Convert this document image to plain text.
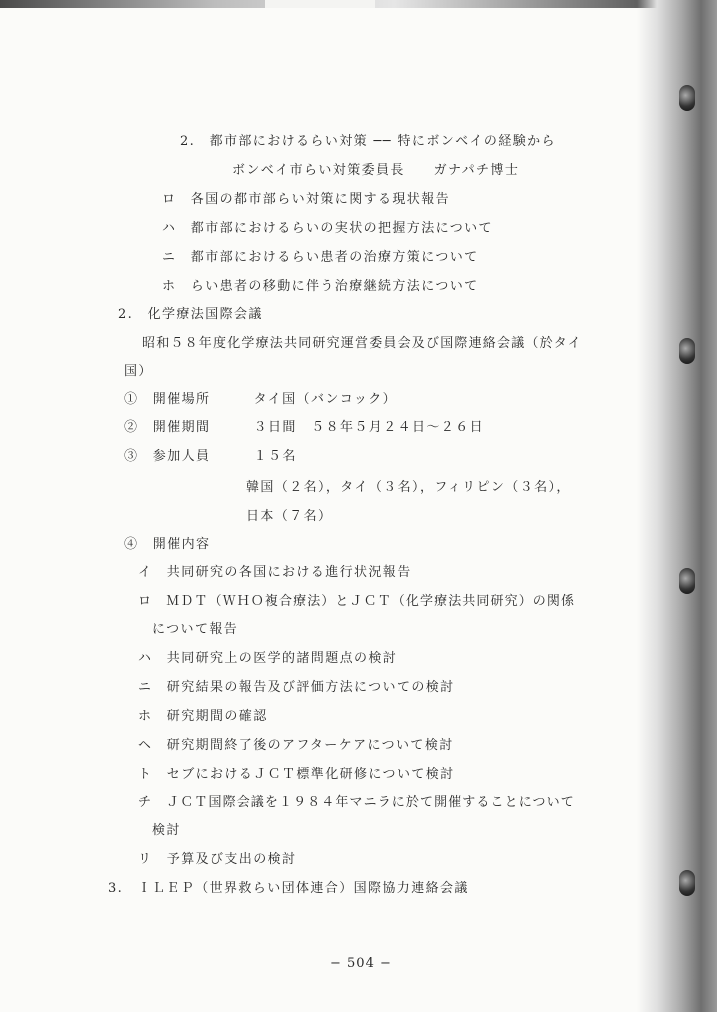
2.　都市部におけるらい対策 ── 特にボンベイの経験から
ボンベイ市らい対策委員長　　ガナパチ博士
ロ　各国の都市部らい対策に関する現状報告
ハ　都市部におけるらいの実状の把握方法について
ニ　都市部におけるらい患者の治療方策について
ホ　らい患者の移動に伴う治療継続方法について
2.　化学療法国際会議
昭和５８年度化学療法共同研究運営委員会及び国際連絡会議（於タイ
国）
①　開催場所　　　タイ国（バンコック）
②　開催期間　　　３日間　５８年５月２４日〜２６日
③　参加人員　　　１５名
韓国（２名），タイ（３名），フィリピン（３名），
日本（７名）
④　開催内容
イ　共同研究の各国における進行状況報告
ロ　ＭＤＴ（ＷＨＯ複合療法）とＪＣＴ（化学療法共同研究）の関係
について報告
ハ　共同研究上の医学的諸問題点の検討
ニ　研究結果の報告及び評価方法についての検討
ホ　研究期間の確認
ヘ　研究期間終了後のアフターケアについて検討
ト　セブにおけるＪＣＴ標準化研修について検討
チ　ＪＣＴ国際会議を１９８４年マニラに於て開催することについて
検討
リ　予算及び支出の検討
3.　ＩＬＥＰ（世界救らい団体連合）国際協力連絡会議
− 504 −
